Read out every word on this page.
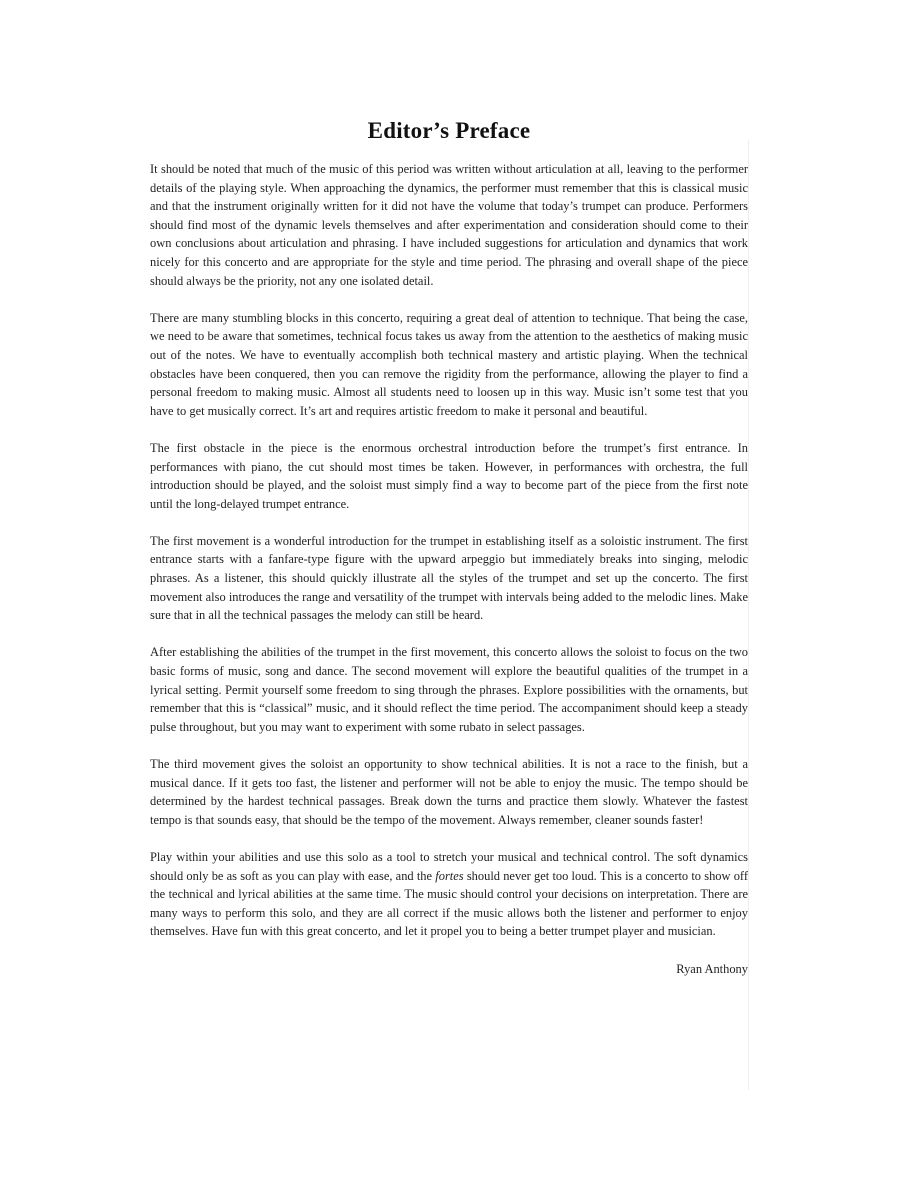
Editor’s Preface

It should be noted that much of the music of this period was written without articulation at all, leaving to the performer details of the playing style. When approaching the dynamics, the performer must remember that this is classical music and that the instrument originally written for it did not have the volume that today’s trumpet can produce. Performers should find most of the dynamic levels themselves and after experimentation and consideration should come to their own conclusions about articulation and phrasing. I have included suggestions for articulation and dynamics that work nicely for this concerto and are appropriate for the style and time period. The phrasing and overall shape of the piece should always be the priority, not any one isolated detail.

There are many stumbling blocks in this concerto, requiring a great deal of attention to technique. That being the case, we need to be aware that sometimes, technical focus takes us away from the attention to the aesthetics of making music out of the notes. We have to eventually accomplish both technical mastery and artistic playing. When the technical obstacles have been conquered, then you can remove the rigidity from the performance, allowing the player to find a personal freedom to making music. Almost all students need to loosen up in this way. Music isn’t some test that you have to get musically correct. It’s art and requires artistic freedom to make it personal and beautiful.

The first obstacle in the piece is the enormous orchestral introduction before the trumpet’s first entrance. In performances with piano, the cut should most times be taken. However, in performances with orchestra, the full introduction should be played, and the soloist must simply find a way to become part of the piece from the first note until the long-delayed trumpet entrance.

The first movement is a wonderful introduction for the trumpet in establishing itself as a soloistic instrument. The first entrance starts with a fanfare-type figure with the upward arpeggio but immediately breaks into singing, melodic phrases. As a listener, this should quickly illustrate all the styles of the trumpet and set up the concerto. The first movement also introduces the range and versatility of the trumpet with intervals being added to the melodic lines. Make sure that in all the technical passages the melody can still be heard.

After establishing the abilities of the trumpet in the first movement, this concerto allows the soloist to focus on the two basic forms of music, song and dance. The second movement will explore the beautiful qualities of the trumpet in a lyrical setting. Permit yourself some freedom to sing through the phrases. Explore possibilities with the ornaments, but remember that this is “classical” music, and it should reflect the time period. The accompaniment should keep a steady pulse throughout, but you may want to experiment with some rubato in select passages.

The third movement gives the soloist an opportunity to show technical abilities. It is not a race to the finish, but a musical dance. If it gets too fast, the listener and performer will not be able to enjoy the music. The tempo should be determined by the hardest technical passages. Break down the turns and practice them slowly. Whatever the fastest tempo is that sounds easy, that should be the tempo of the movement. Always remember, cleaner sounds faster!

Play within your abilities and use this solo as a tool to stretch your musical and technical control. The soft dynamics should only be as soft as you can play with ease, and the fortes should never get too loud. This is a concerto to show off the technical and lyrical abilities at the same time. The music should control your decisions on interpretation. There are many ways to perform this solo, and they are all correct if the music allows both the listener and performer to enjoy themselves. Have fun with this great concerto, and let it propel you to being a better trumpet player and musician.

Ryan Anthony
